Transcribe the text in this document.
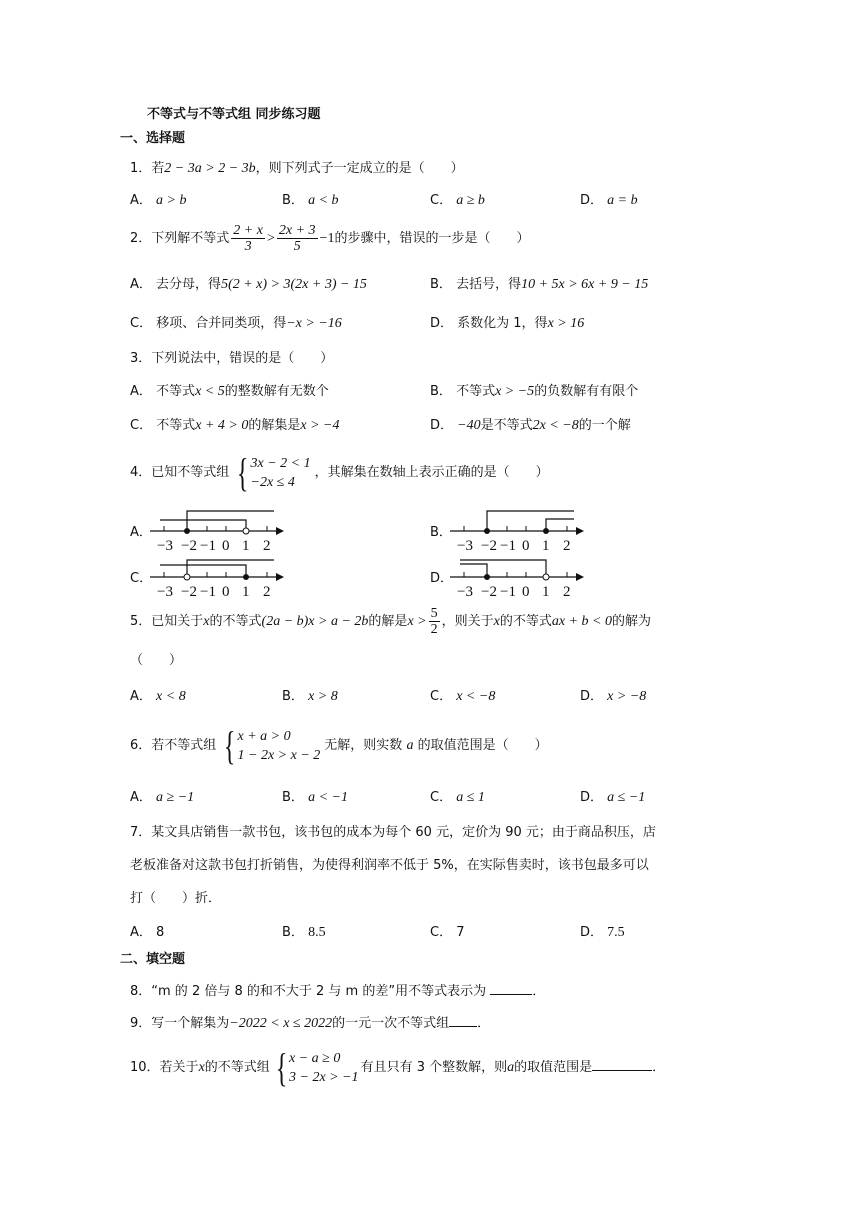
不等式与不等式组 同步练习题
一、选择题
1．若2 − 3a > 2 − 3b，则下列式子一定成立的是（　　）
A． a > b	B． a < b	C． a ≥ b	D． a = b
2．下列解不等式 $\frac{2 + x}{3} > \frac{2x + 3}{5} -1$的步骤中，错误的一步是（　　）
A． 去分母，得5(2 + x) > 3(2x + 3) − 15	B． 去括号，得10 + 5x > 6x + 9 − 15
C． 移项、合并同类项，得−x > −16	D． 系数化为 1，得x > 16
3．下列说法中，错误的是（　　）
A． 不等式x < 5的整数解有无数个	B． 不等式x > −5的负数解有有限个
C． 不等式x + 4 > 0的解集是x > −4	D． −40是不等式2x < −8的一个解
4．已知不等式组 { 3x − 2 < 1
−2x ≤ 4
，其解集在数轴上表示正确的是（　　）
A．	B．
C．	D．
−3 −2 −1 0 1 2	−3 −2 −1 0 1 2
−3 −2 −1 0 1 2	−3 −2 −1 0 1 2
5．已知关于x的不等式(2a − b)x > a − 2b的解是$x > \frac{5}{2}$ ，则关于x的不等式ax + b < 0的解为
（　　）
A． x < 8	B． x > 8	C． x < −8	D． x > −8
6．若不等式组 { x + a > 0
1 − 2x > x − 2
无解，则实数 a 的取值范围是（　　）
A． a ≥ −1	B． a < −1	C． a ≤ 1	D． a ≤ −1
7．某文具店销售一款书包，该书包的成本为每个 60 元，定价为 90 元；由于商品积压，店
老板准备对这款书包打折销售，为使得利润率不低于 5%，在实际售卖时，该书包最多可以
打（　　）折．
A． 8	B． 8.5	C． 7	D． 7.5
二、填空题
8．“m 的 2 倍与 8 的和不大于 2 与 m 的差”用不等式表示为	．
9．写一个解集为−2022 < x ≤ 2022的一元一次不等式组 ．
10．若关于x的不等式组 { x − a ≥ 0
3 − 2x > −1
有且只有 3 个整数解，则a的取值范围是	．
